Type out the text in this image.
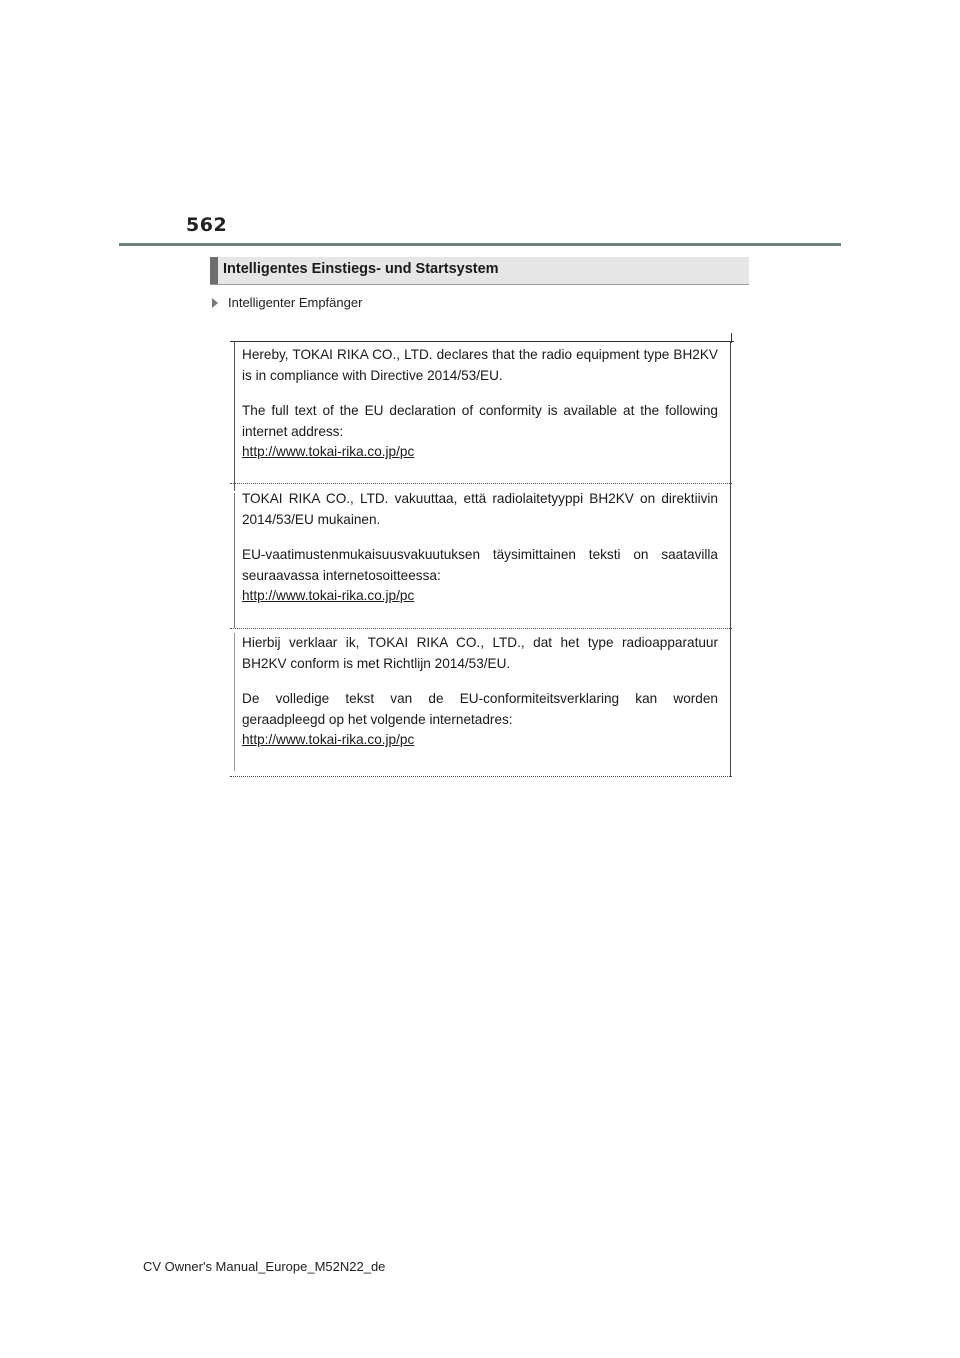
562
Intelligentes Einstiegs- und Startsystem
Intelligenter Empfänger

Hereby, TOKAI RIKA CO., LTD. declares that the radio equipment type BH2KV is in compliance with Directive 2014/53/EU.

The full text of the EU declaration of conformity is available at the following internet address:

http://www.tokai-rika.co.jp/pc

TOKAI RIKA CO., LTD. vakuuttaa, että radiolaitetyyppi BH2KV on direktiivin 2014/53/EU mukainen.

EU-vaatimustenmukaisuusvakuutuksen täysimittainen teksti on saatavilla seuraavassa internetosoitteessa:

http://www.tokai-rika.co.jp/pc

Hierbij verklaar ik, TOKAI RIKA CO., LTD., dat het type radioapparatuur BH2KV conform is met Richtlijn 2014/53/EU.

De volledige tekst van de EU-conformiteitsverklaring kan worden geraadpleegd op het volgende internetadres:

http://www.tokai-rika.co.jp/pc
CV Owner's Manual_Europe_M52N22_de
